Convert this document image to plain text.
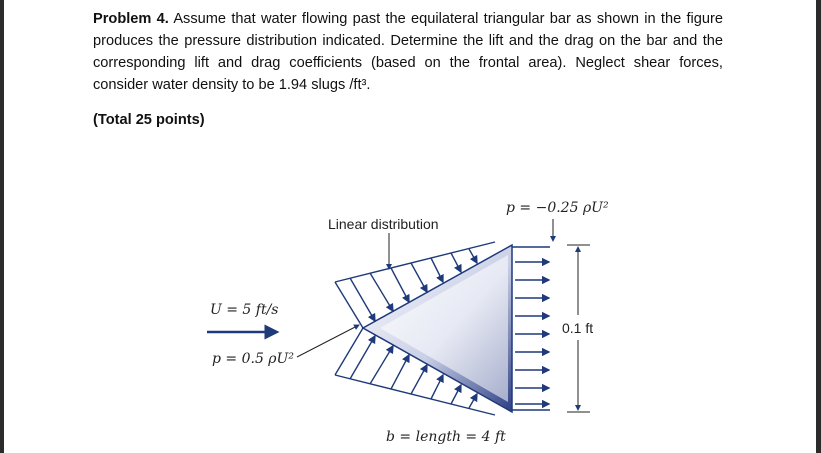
Problem 4. Assume that water flowing past the equilateral triangular bar as shown in the figure produces the pressure distribution indicated. Determine the lift and the drag on the bar and the corresponding lift and drag coefficients (based on the frontal area). Neglect shear forces, consider water density to be 1.94 slugs /ft³.
(Total 25 points)
p = −0.25 ρU²
Linear distribution
U = 5 ft/s
p = 0.5 ρU²
0.1 ft
b = length = 4 ft
